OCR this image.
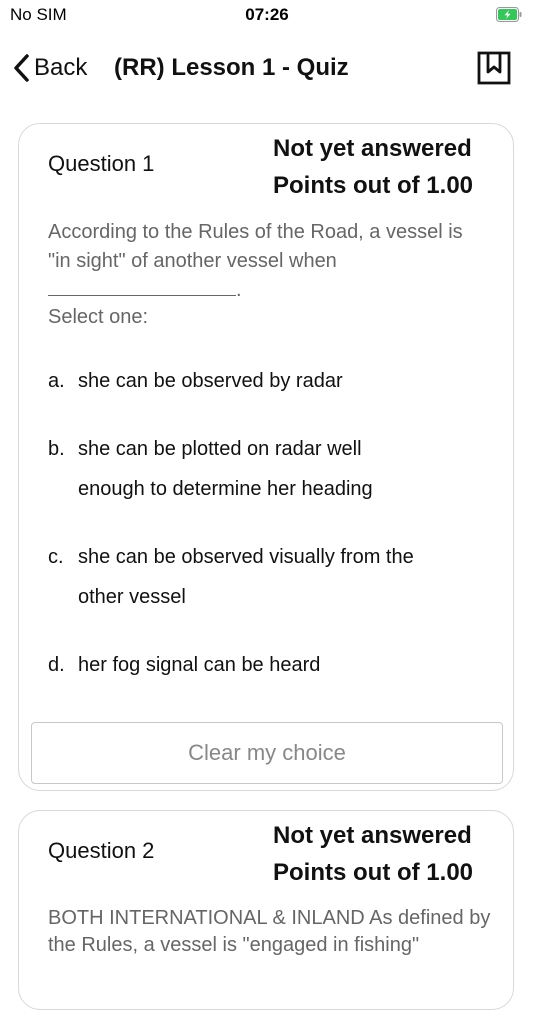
No SIM	07:26
Back (RR) Lesson 1 - Quiz
Question 1
Not yet answered
Points out of 1.00
According to the Rules of the Road, a vessel is "in sight" of another vessel when
.
Select one:
a. she can be observed by radar
b. she can be plotted on radar well enough to determine her heading
c. she can be observed visually from the other vessel
d. her fog signal can be heard
Clear my choice
Question 2
Not yet answered
Points out of 1.00
BOTH INTERNATIONAL & INLAND As defined by the Rules, a vessel is "engaged in fishing"
